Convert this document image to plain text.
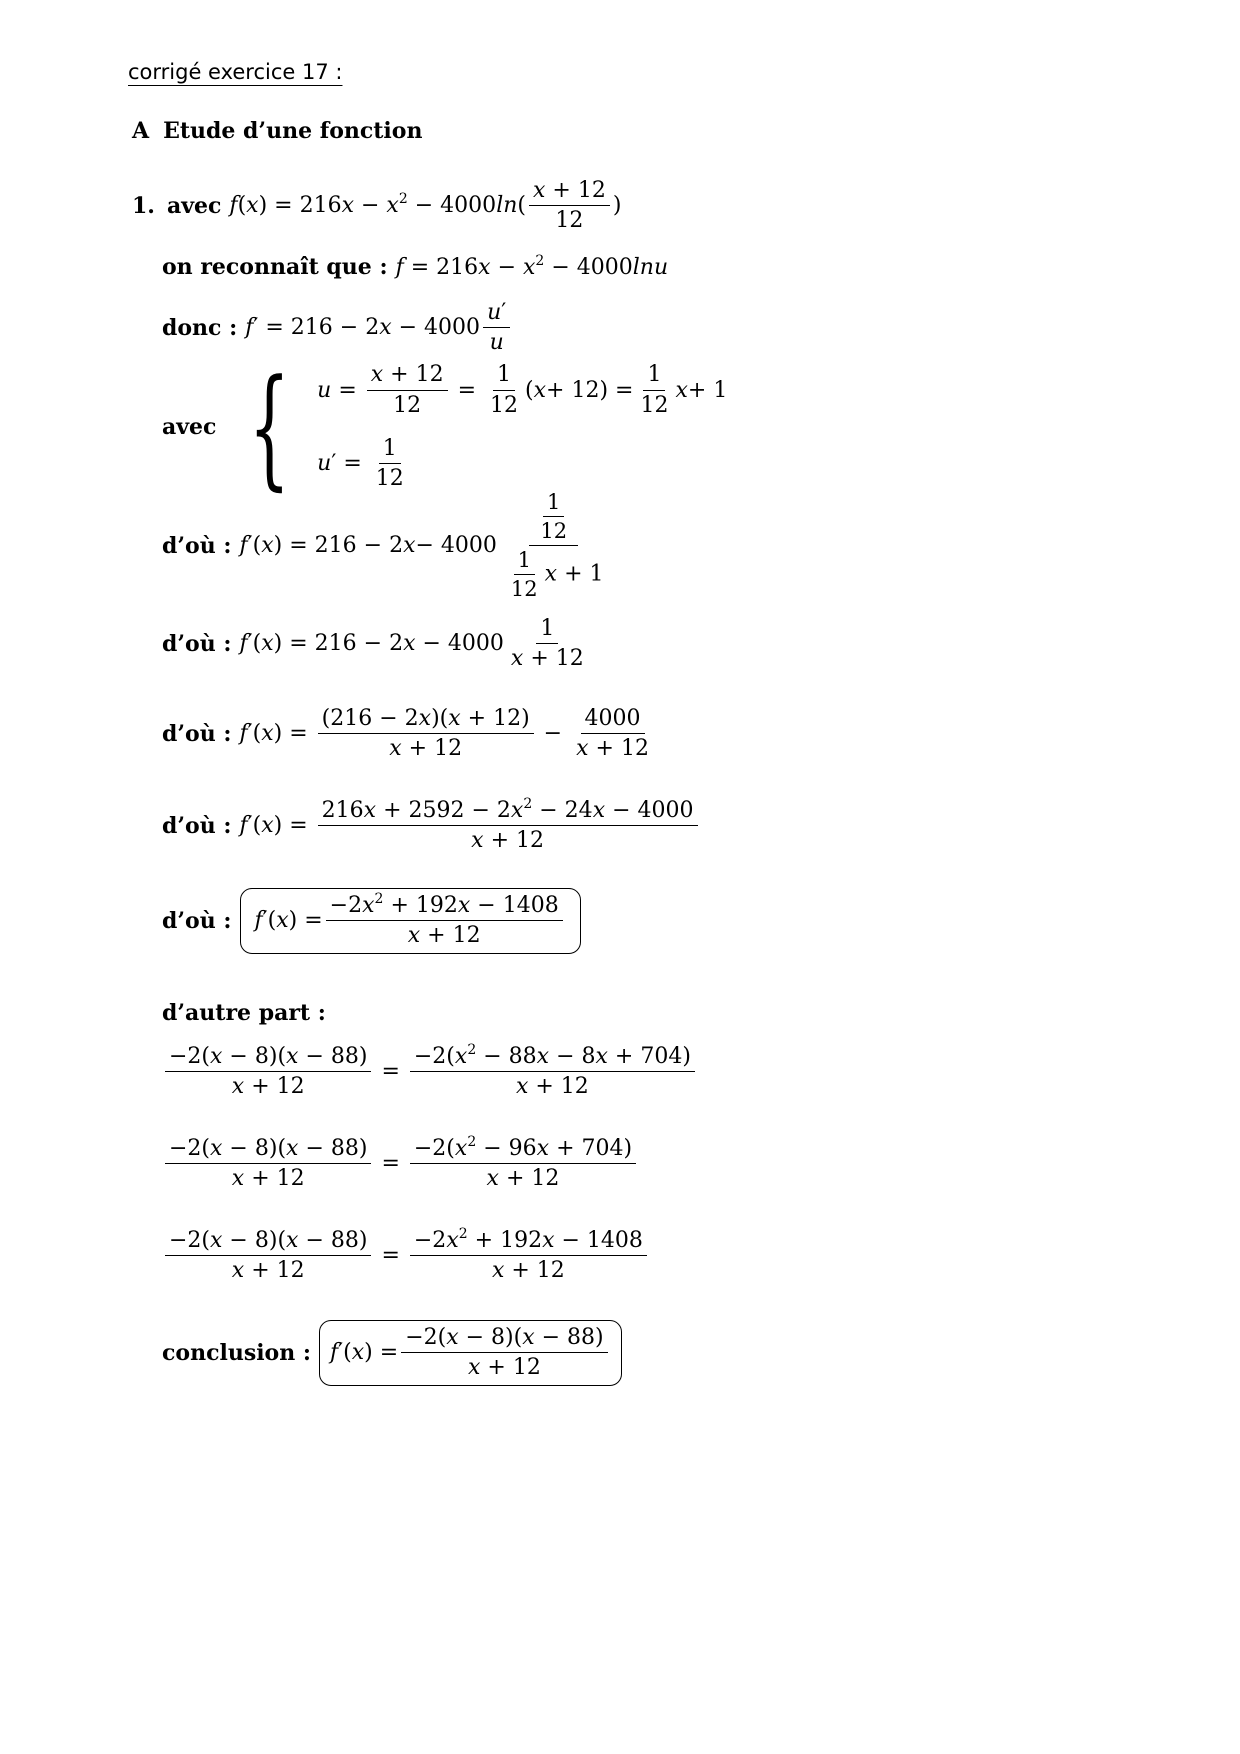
corrigé exercice 17 :
A Etude d’une fonction
1. avec $f(x) = 216x - x^2 - 4000\ln( \frac{x + 12}{12}$ )
on reconnaît que : $f = 216x - x^2 - 4000\ln u$
donc : $f' = 216 - 2x - 4000 \frac{u'}{u}$
avec { $u = \frac{x + 12}{12} = \frac{1}{12}$ ( $x + 12) = \frac{1}{12}$ x + 1
u ′ = $\frac{1}{12}$
d’où : f ′( x ) = 216 − 2 $x - 4000 \frac{\frac{1}{12}}{\frac{1}{12} x + 1}$
d’où : $f'(x) = 216 - 2x - 4000 \frac{1}{x + 12}$
d’où : $f'(x) = \frac{(216 - 2x)(x + 12)}{x + 12} - \frac{4000}{x + 12}$
d’où : $f'(x) = \frac{216x + 2592 - 2x^2 - 24x - 4000}{x + 12}$
d’où : f ′( x ) = $\frac{-2x^2 + 192x - 1408}{x + 12}$
d’autre part :
$\frac{-2(x - 8)(x - 88)}{x + 12} = \frac{-2(x^2 - 88x - 8x + 704)}{x + 12}$
$\frac{-2(x - 8)(x - 88)}{x + 12} = \frac{-2(x^2 - 96x + 704)}{x + 12}$
$\frac{-2(x - 8)(x - 88)}{x + 12} = \frac{-2x^2 + 192x - 1408}{x + 12}$
conclusion : f ′( x ) = $\frac{-2(x - 8)(x - 88)}{x + 12}$
